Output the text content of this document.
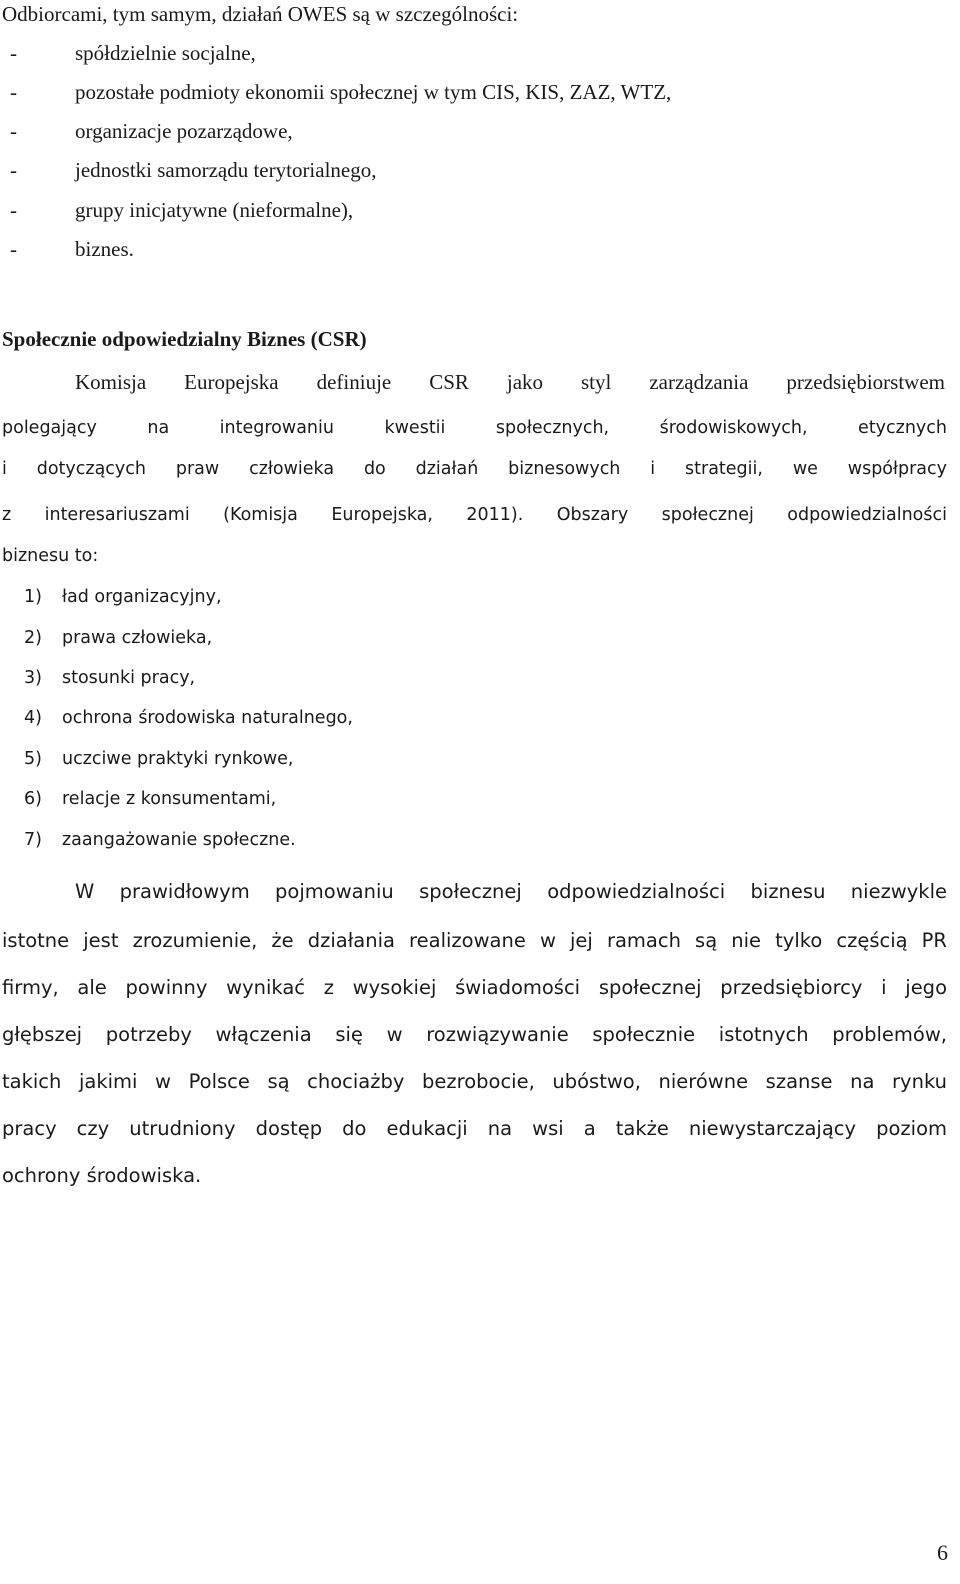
Odbiorcami, tym samym, działań OWES są w szczególności:

-	spółdzielnie socjalne,
-	pozostałe podmioty ekonomii społecznej w tym CIS, KIS, ZAZ, WTZ,
-	organizacje pozarządowe,
-	jednostki samorządu terytorialnego,
-	grupy inicjatywne (nieformalne),
-	biznes.

Społecznie odpowiedzialny Biznes (CSR)

Komisja Europejska definiuje CSR jako styl zarządzania przedsiębiorstwem
polegający na integrowaniu kwestii społecznych, środowiskowych, etycznych
i dotyczących praw człowieka do działań biznesowych i strategii, we współpracy
z interesariuszami (Komisja Europejska, 2011). Obszary społecznej odpowiedzialności
biznesu to:
1) ład organizacyjny,
2) prawa człowieka,
3) stosunki pracy,
4) ochrona środowiska naturalnego,
5) uczciwe praktyki rynkowe,
6) relacje z konsumentami,
7) zaangażowanie społeczne.
W prawidłowym pojmowaniu społecznej odpowiedzialności biznesu niezwykle
istotne jest zrozumienie, że działania realizowane w jej ramach są nie tylko częścią PR
firmy, ale powinny wynikać z wysokiej świadomości społecznej przedsiębiorcy i jego
głębszej potrzeby włączenia się w rozwiązywanie społecznie istotnych problemów,
takich jakimi w Polsce są chociażby bezrobocie, ubóstwo, nierówne szanse na rynku
pracy czy utrudniony dostęp do edukacji na wsi a także niewystarczający poziom
ochrony środowiska.
6
